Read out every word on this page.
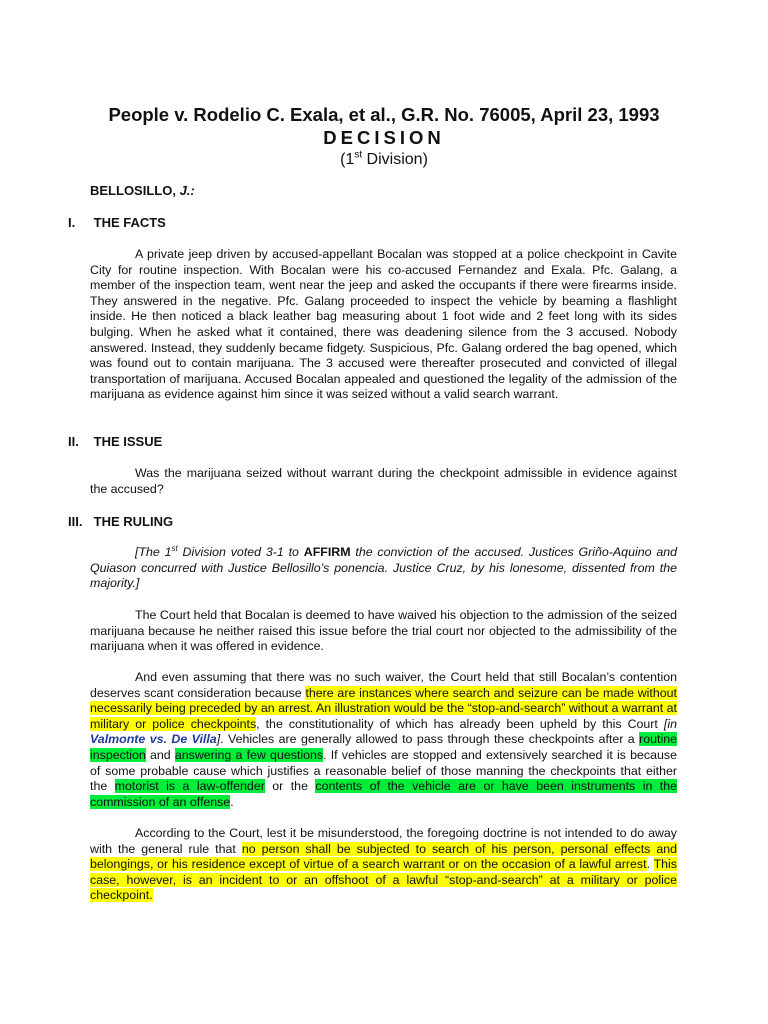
People v. Rodelio C. Exala, et al., G.R. No. 76005, April 23, 1993
DECISION
(1st Division)
BELLOSILLO, J.:
I. THE FACTS

A private jeep driven by accused-appellant Bocalan was stopped at a police checkpoint in Cavite City for routine inspection. With Bocalan were his co-accused Fernandez and Exala. Pfc. Galang, a member of the inspection team, went near the jeep and asked the occupants if there were firearms inside. They answered in the negative. Pfc. Galang proceeded to inspect the vehicle by beaming a flashlight inside. He then noticed a black leather bag measuring about 1 foot wide and 2 feet long with its sides bulging. When he asked what it contained, there was deadening silence from the 3 accused. Nobody answered. Instead, they suddenly became fidgety. Suspicious, Pfc. Galang ordered the bag opened, which was found out to contain marijuana. The 3 accused were thereafter prosecuted and convicted of illegal transportation of marijuana. Accused Bocalan appealed and questioned the legality of the admission of the marijuana as evidence against him since it was seized without a valid search warrant.

II. THE ISSUE

Was the marijuana seized without warrant during the checkpoint admissible in evidence against the accused?

III. THE RULING

[The 1st Division voted 3-1 to AFFIRM the conviction of the accused. Justices Griño-Aquino and Quiason concurred with Justice Bellosillo’s ponencia. Justice Cruz, by his lonesome, dissented from the majority.]

The Court held that Bocalan is deemed to have waived his objection to the admission of the seized marijuana because he neither raised this issue before the trial court nor objected to the admissibility of the marijuana when it was offered in evidence.

And even assuming that there was no such waiver, the Court held that still Bocalan’s contention deserves scant consideration because there are instances where search and seizure can be made without necessarily being preceded by an arrest. An illustration would be the “stop-and-search” without a warrant at military or police checkpoints, the constitutionality of which has already been upheld by this Court [in Valmonte vs. De Villa]. Vehicles are generally allowed to pass through these checkpoints after a routine inspection and answering a few questions. If vehicles are stopped and extensively searched it is because of some probable cause which justifies a reasonable belief of those manning the checkpoints that either the motorist is a law-offender or the contents of the vehicle are or have been instruments in the commission of an offense.

According to the Court, lest it be misunderstood, the foregoing doctrine is not intended to do away with the general rule that no person shall be subjected to search of his person, personal effects and belongings, or his residence except of virtue of a search warrant or on the occasion of a lawful arrest. This case, however, is an incident to or an offshoot of a lawful “stop-and-search” at a military or police checkpoint.
